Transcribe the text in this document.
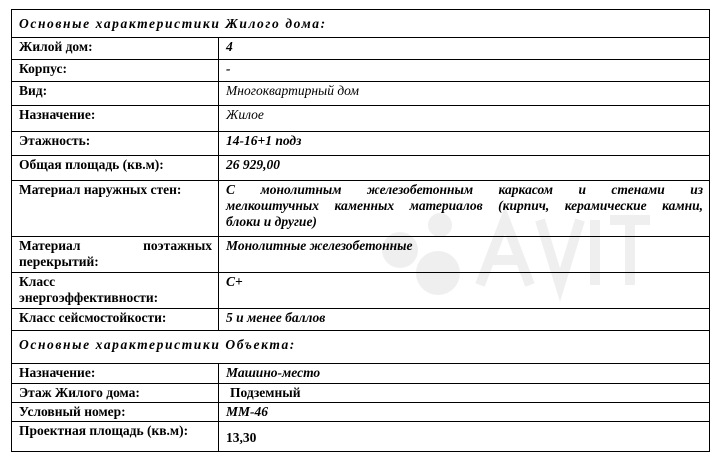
Основные характеристики Жилого дома:	
Жилой дом:	4
Корпус:	-
Вид:	Многоквартирный дом
Назначение:	Жилое
Этажность:	14-16+1 подз
Общая площадь (кв.м):	26 929,00
Материал наружных стен:	С монолитным железобетонным каркасом и стенами из
мелкоштучных каменных материалов (кирпич, керамические камни,
блоки и другие)

Материал поэтажных
перекрытий:	Монолитные железобетонные

Класс
энергоэффективности:	С+
Класс сейсмостойкости:	5 и менее баллов
Основные характеристики Объекта:	
Назначение:	Машино-место
Этаж Жилого дома:	Подземный
Условный номер:	ММ-46
Проектная площадь (кв.м):	13,30
